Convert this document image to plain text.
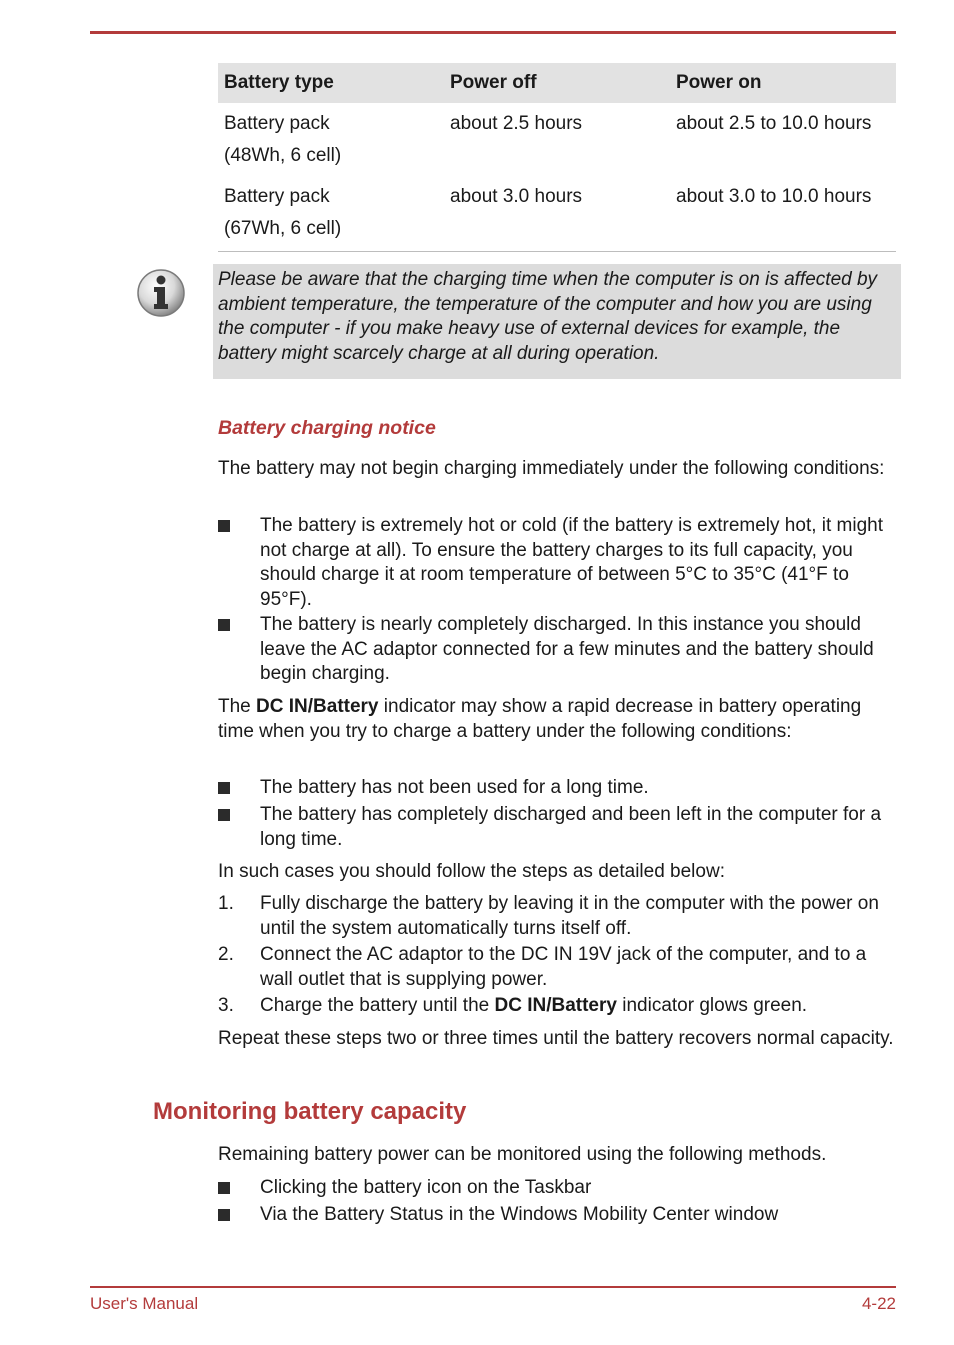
Battery type	Power off	Power on
Battery pack
(48Wh, 6 cell)	about 2.5 hours	about 2.5 to 10.0 hours
Battery pack
(67Wh, 6 cell)	about 3.0 hours	about 3.0 to 10.0 hours
Please be aware that the charging time when the computer is on is affected by ambient temperature, the temperature of the computer and how you are using the computer - if you make heavy use of external devices for example, the battery might scarcely charge at all during operation.
Battery charging notice
The battery may not begin charging immediately under the following conditions:
The battery is extremely hot or cold (if the battery is extremely hot, it might not charge at all). To ensure the battery charges to its full capacity, you should charge it at room temperature of between 5°C to 35°C (41°F to 95°F).
The battery is nearly completely discharged. In this instance you should leave the AC adaptor connected for a few minutes and the battery should begin charging.
The DC IN/Battery indicator may show a rapid decrease in battery operating time when you try to charge a battery under the following conditions:
The battery has not been used for a long time.
The battery has completely discharged and been left in the computer for a long time.
In such cases you should follow the steps as detailed below:
1. Fully discharge the battery by leaving it in the computer with the power on until the system automatically turns itself off.
2. Connect the AC adaptor to the DC IN 19V jack of the computer, and to a wall outlet that is supplying power.
3. Charge the battery until the DC IN/Battery indicator glows green.
Repeat these steps two or three times until the battery recovers normal capacity.
Monitoring battery capacity
Remaining battery power can be monitored using the following methods.
Clicking the battery icon on the Taskbar
Via the Battery Status in the Windows Mobility Center window
User's Manual	4-22
